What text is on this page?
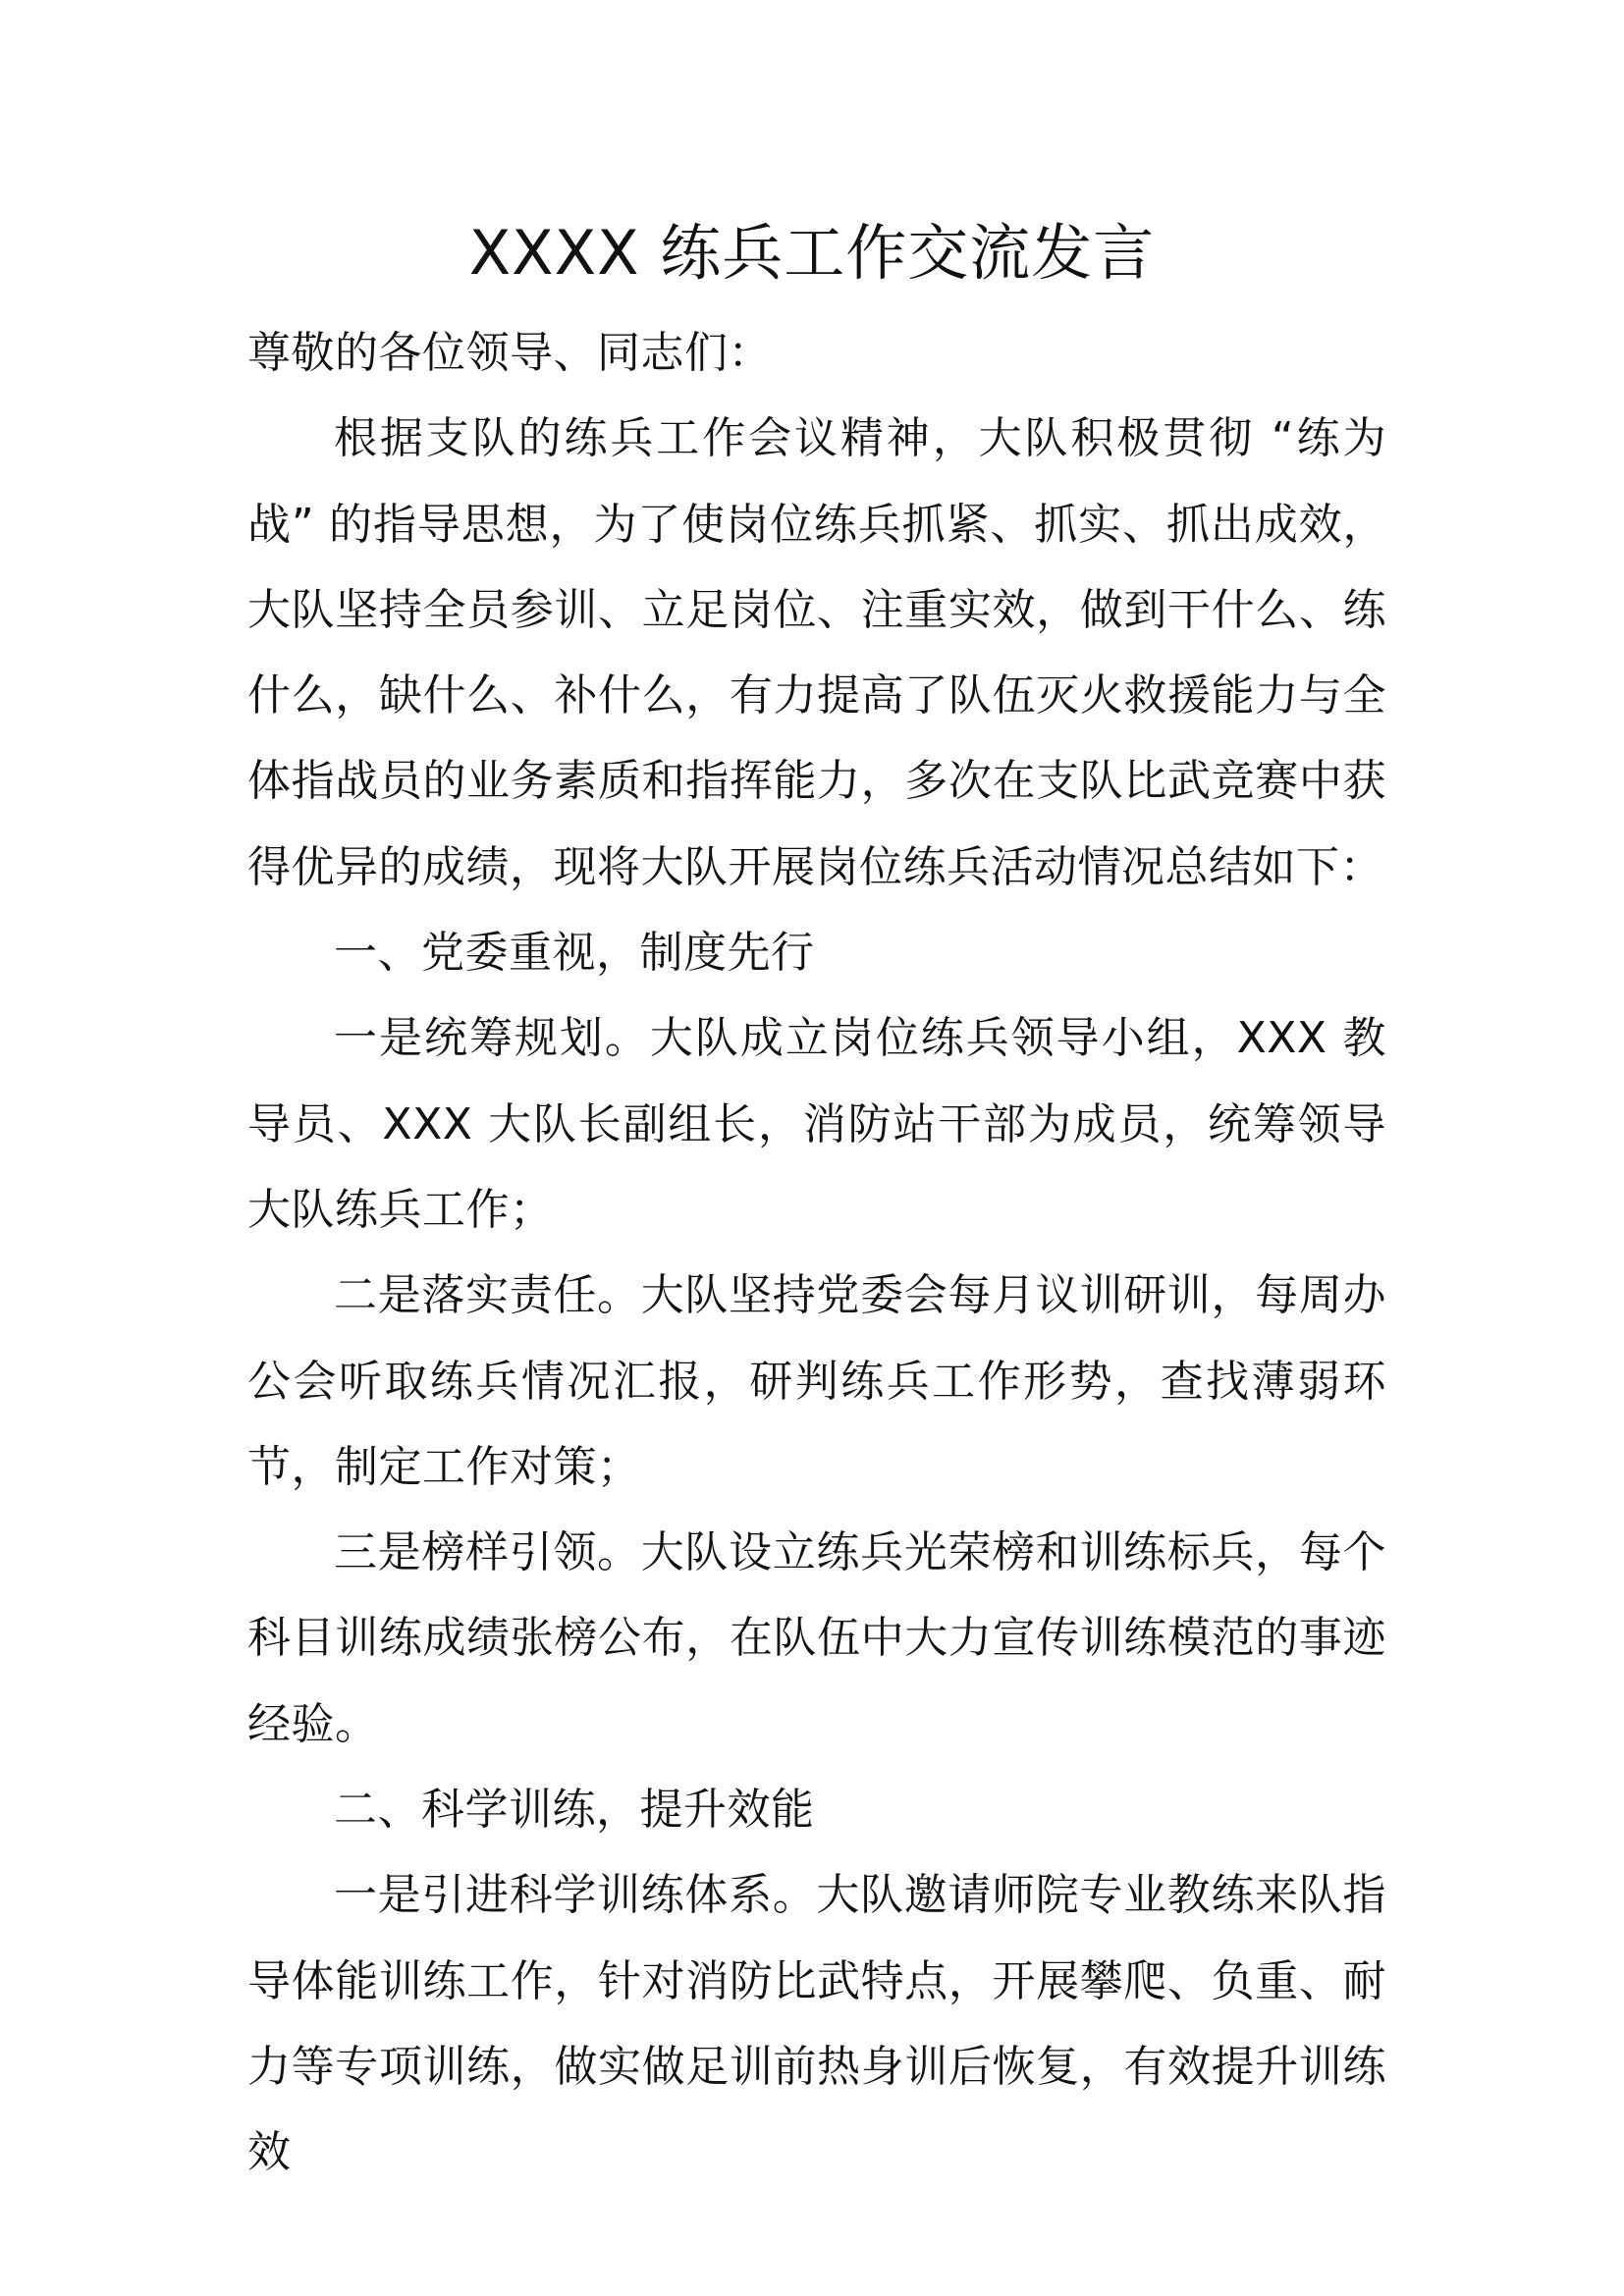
XXXX 练兵工作交流发言

尊敬的各位领导、同志们：

根据支队的练兵工作会议精神，大队积极贯彻 “练为战” 的指导思想，为了使岗位练兵抓紧、抓实、抓出成效，大队坚持全员参训、立足岗位、注重实效，做到干什么、练什么，缺什么、补什么，有力提高了队伍灭火救援能力与全体指战员的业务素质和指挥能力，多次在支队比武竞赛中获得优异的成绩，现将大队开展岗位练兵活动情况总结如下：

一、党委重视，制度先行

一是统筹规划。大队成立岗位练兵领导小组，XXX 教导员、XXX 大队长副组长，消防站干部为成员，统筹领导大队练兵工作；

二是落实责任。大队坚持党委会每月议训研训，每周办公会听取练兵情况汇报，研判练兵工作形势，查找薄弱环节，制定工作对策；

三是榜样引领。大队设立练兵光荣榜和训练标兵，每个科目训练成绩张榜公布，在队伍中大力宣传训练模范的事迹经验。

二、科学训练，提升效能

一是引进科学训练体系。大队邀请师院专业教练来队指导体能训练工作，针对消防比武特点，开展攀爬、负重、耐力等专项训练，做实做足训前热身训后恢复，有效提升训练效
